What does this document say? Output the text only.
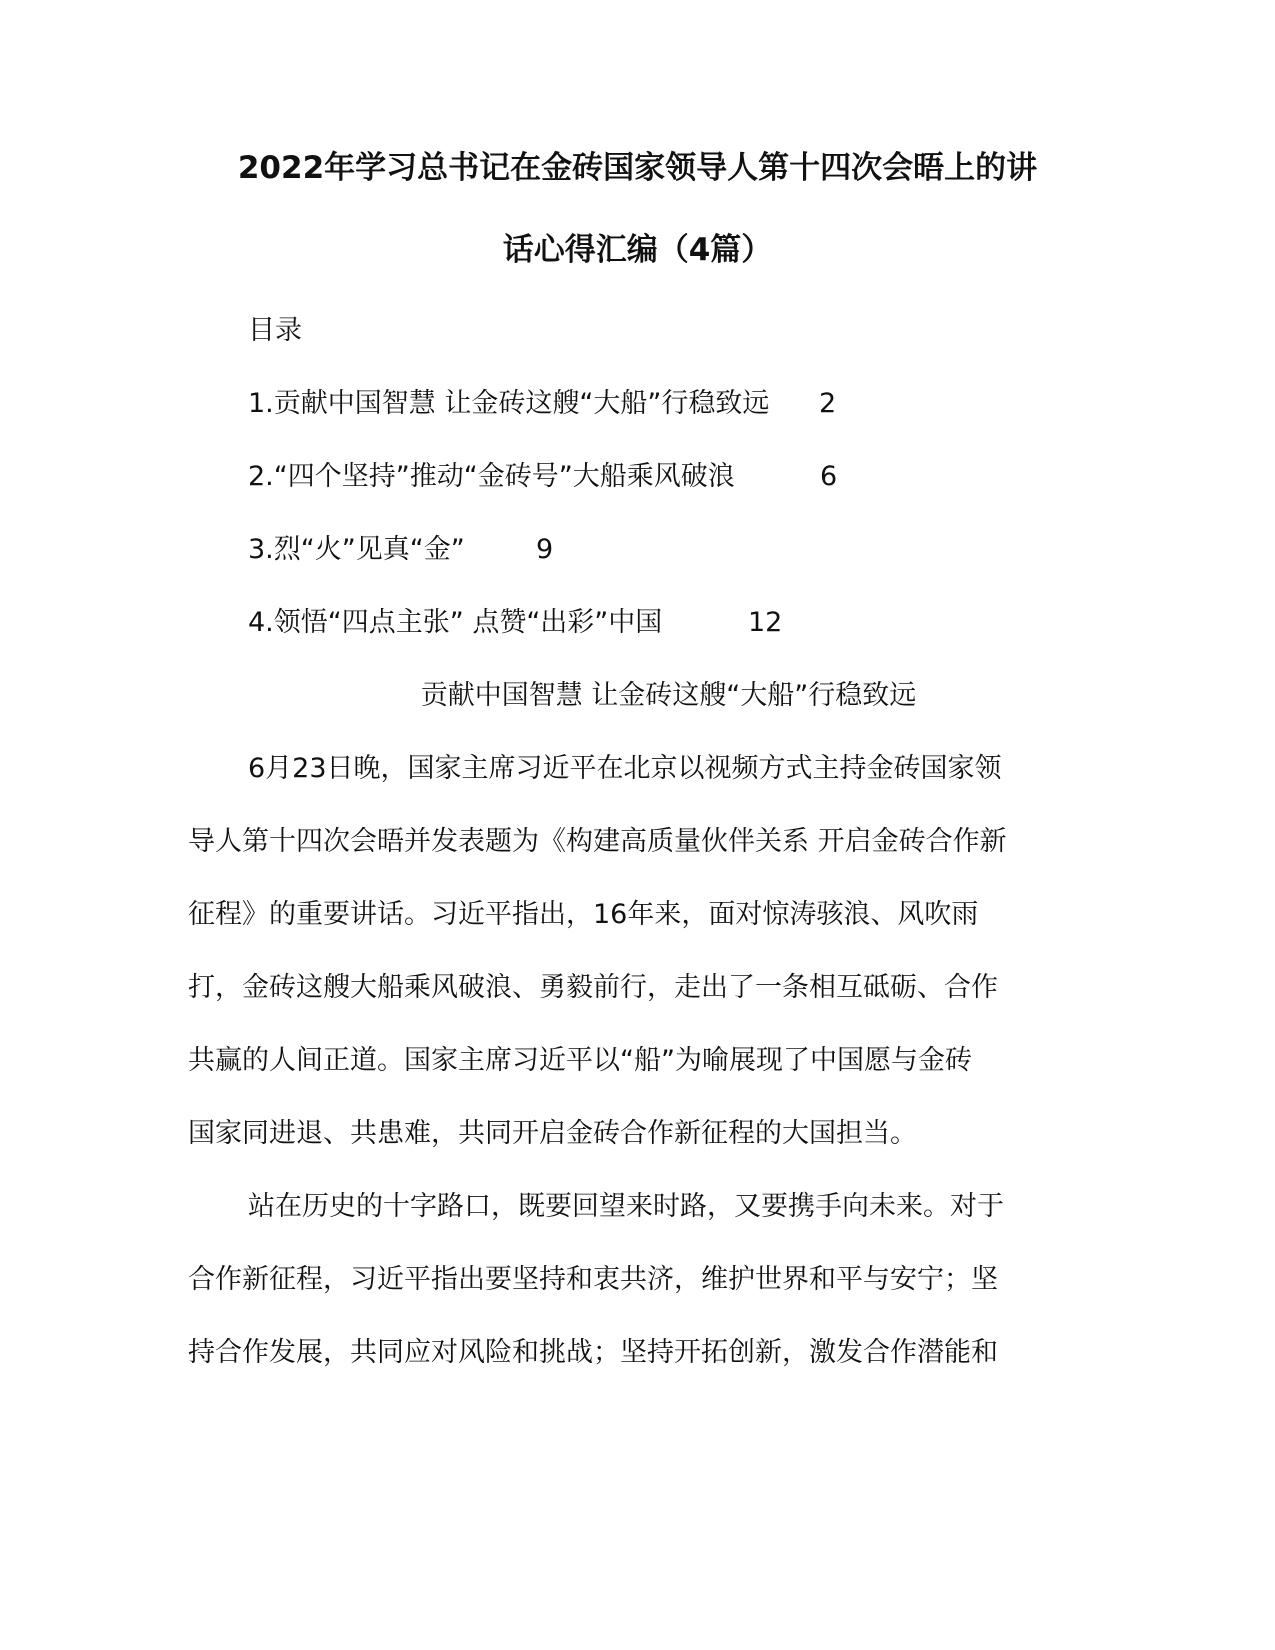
2022年学习总书记在金砖国家领导人第十四次会晤上的讲
话心得汇编（4篇）
目录
1.贡献中国智慧 让金砖这艘“大船”行稳致远 2
2.“四个坚持”推动“金砖号”大船乘风破浪	6
3.烈“火”见真“金”	9
4.领悟“四点主张” 点赞“出彩”中国	12
贡献中国智慧 让金砖这艘“大船”行稳致远
6月23日晚，国家主席习近平在北京以视频方式主持金砖国家领
导人第十四次会晤并发表题为《构建高质量伙伴关系 开启金砖合作新
征程》的重要讲话。习近平指出，16年来，面对惊涛骇浪、风吹雨
打，金砖这艘大船乘风破浪、勇毅前行，走出了一条相互砥砺、合作
共赢的人间正道。国家主席习近平以“船”为喻展现了中国愿与金砖
国家同进退、共患难，共同开启金砖合作新征程的大国担当。
站在历史的十字路口，既要回望来时路，又要携手向未来。对于
合作新征程，习近平指出要坚持和衷共济，维护世界和平与安宁；坚
持合作发展，共同应对风险和挑战；坚持开拓创新，激发合作潜能和
